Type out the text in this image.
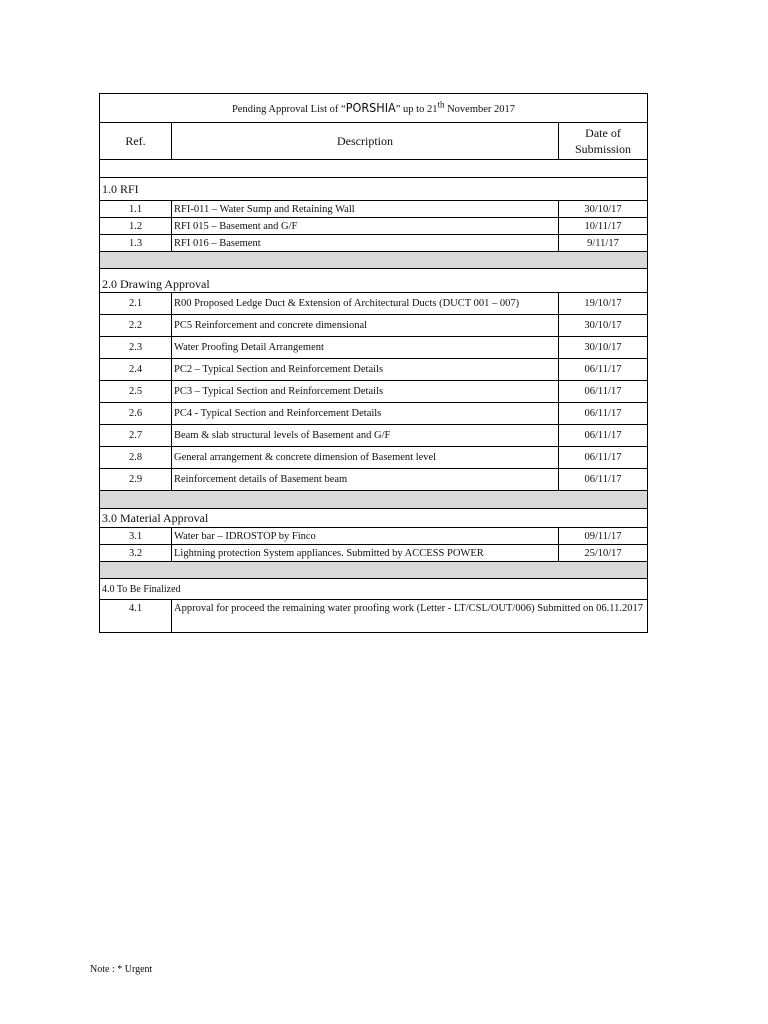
Pending Approval List of “PORSHIA” up to 21th November 2017		
Ref.	Description	Date of
Submission

1.0 RFI		
1.1	RFI-011 – Water Sump and Retaining Wall	30/10/17
1.2	RFI 015 – Basement and G/F	10/11/17
1.3	RFI 016 – Basement	9/11/17

2.0 Drawing Approval		
2.1	R00 Proposed Ledge Duct & Extension of Architectural Ducts (DUCT 001 – 007)	19/10/17
2.2	PC5 Reinforcement and concrete dimensional	30/10/17
2.3	Water Proofing Detail Arrangement	30/10/17
2.4	PC2 – Typical Section and Reinforcement Details	06/11/17
2.5	PC3 – Typical Section and Reinforcement Details	06/11/17
2.6	PC4 - Typical Section and Reinforcement Details	06/11/17
2.7	Beam & slab structural levels of Basement and G/F	06/11/17
2.8	General arrangement & concrete dimension of Basement level	06/11/17
2.9	Reinforcement details of Basement beam	06/11/17

3.0 Material Approval		
3.1	Water bar – IDROSTOP by Finco	09/11/17
3.2	Lightning protection System appliances. Submitted by ACCESS POWER	25/10/17

4.0 To Be Finalized		
4.1	Approval for proceed the remaining water proofing work (Letter - LT/CSL/OUT/006) Submitted on 06.11.2017	
Note : * Urgent
